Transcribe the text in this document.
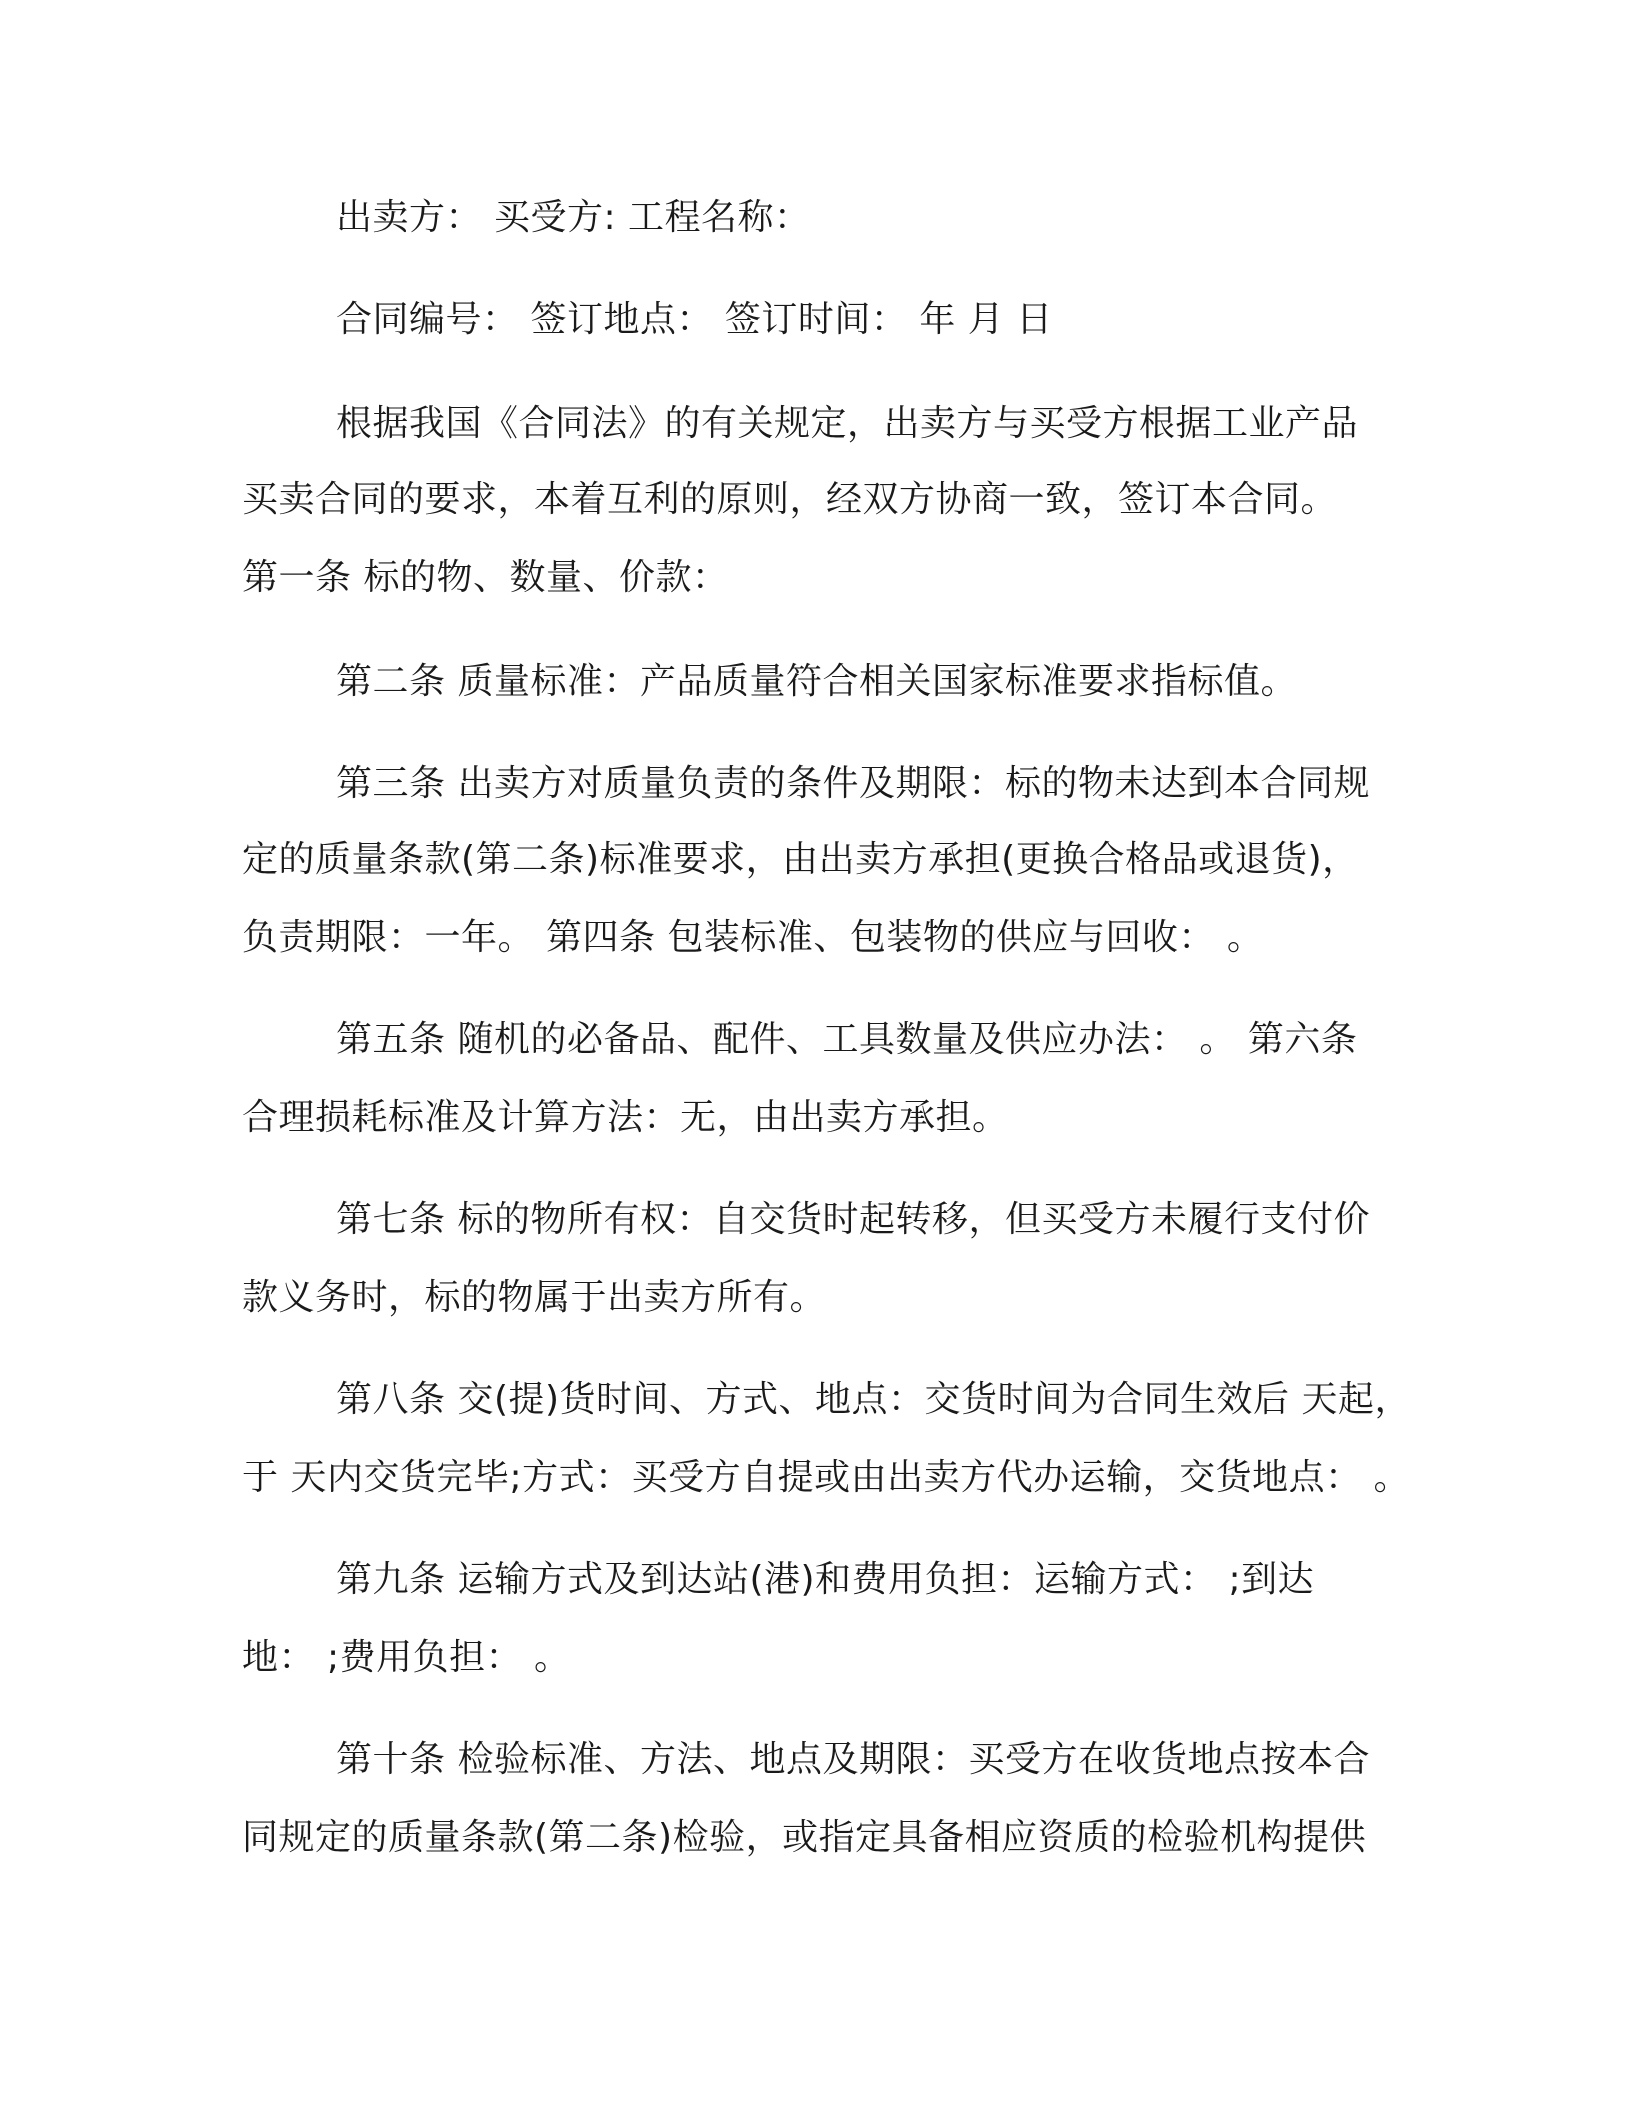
出卖方： 买受方: 工程名称：
合同编号： 签订地点： 签订时间： 年 月 日
根据我国《合同法》的有关规定，出卖方与买受方根据工业产品
买卖合同的要求，本着互利的原则，经双方协商一致，签订本合同。
第一条 标的物、数量、价款：
第二条 质量标准：产品质量符合相关国家标准要求指标值。
第三条 出卖方对质量负责的条件及期限：标的物未达到本合同规
定的质量条款(第二条)标准要求，由出卖方承担(更换合格品或退货)，
负责期限：一年。 第四条 包装标准、包装物的供应与回收： 。
第五条 随机的必备品、配件、工具数量及供应办法： 。 第六条
合理损耗标准及计算方法：无，由出卖方承担。
第七条 标的物所有权：自交货时起转移，但买受方未履行支付价
款义务时，标的物属于出卖方所有。
第八条 交(提)货时间、方式、地点：交货时间为合同生效后 天起，
于 天内交货完毕;方式：买受方自提或由出卖方代办运输，交货地点： 。
第九条 运输方式及到达站(港)和费用负担：运输方式： ;到达
地： ;费用负担： 。
第十条 检验标准、方法、地点及期限：买受方在收货地点按本合
同规定的质量条款(第二条)检验，或指定具备相应资质的检验机构提供
